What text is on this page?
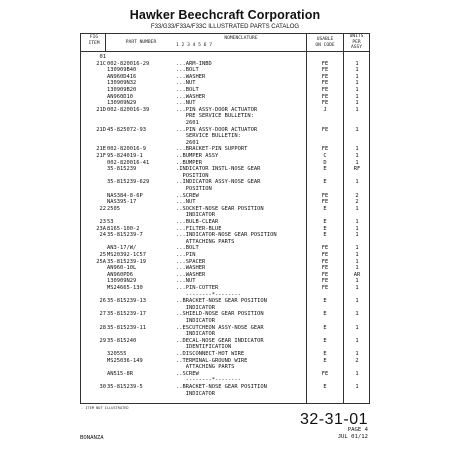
Hawker Beechcraft Corporation
F33/G33/F33A/F33C ILLUSTRATED PARTS CATALOG
FIG
ITEM	PART NUMBER
NOMENCLATURE
1 2 3 4 5 6 7
USABLE
ON CODE
UNITS
PER
ASSY
01
21C 002-820016-29	...ARM-INBD	FE	1
130909B40	...BOLT	FE	1
AN960D416	...WASHER	FE	1
130909N32	...NUT	FE	1
130909B20	...BOLT	FE	1
AN960D10	...WASHER	FE	1
130909N29	...NUT	FE	1
21D 002-820016-39	...PIN ASSY-DOOR ACTUATOR	J	1
PRE SERVICE BULLETIN:
2601
21D 45-825072-93	...PIN ASSY-DOOR ACTUATOR	FE	1
SERVICE BULLETIN:
2601
21E 002-820016-9	...BRACKET-PIN SUPPORT	FE	1
21F 95-824019-1	..BUMPER ASSY	C	1
002-820016-41	..BUMPER	D	1
35-815239	.INDICATOR INSTL-NOSE GEAR	E	RF
POSITION
35-815239-629	..INDICATOR ASSY-NOSE GEAR	E	1
POSITION
NAS384-8-6P	..SCREW	FE	2
NAS395-17	...NUT	FE	2
22 2505	..SOCKET-NOSE GEAR POSITION	E	1
INDICATOR
23 53	...BULB-CLEAR	E	1
23A 8165-100-2	...FILTER-BLUE	E	1
24 35-815239-7	...INDICATOR-NOSE GEAR POSITION	E	1
ATTACHING PARTS
AN3-17/W/	...BOLT	FE	1
25 MS20392-1C57	...PIN	FE	1
25A 35-815239-19	...SPACER	FE	1
AN960-10L	...WASHER	FE	1
AN960PD6	...WASHER	FE	AR
130909N29	...NUT	FE	1
MS24665-130	...PIN-COTTER	FE	1
--------*--------
26 35-815239-13	..BRACKET-NOSE GEAR POSITION	E	1
INDICATOR
27 35-815239-17	..SHIELD-NOSE GEAR POSITION	E	1
INDICATOR
28 35-815239-11	..ESCUTCHEON ASSY-NOSE GEAR	E	1
INDICATOR
29 35-815240	..DECAL-NOSE GEAR INDICATOR	E	1
IDENTIFICATION
320555	..DISCONNECT-HOT WIRE	E	1
MS25036-149	..TERMINAL-GROUND WIRE	E	2
ATTACHING PARTS
AN515-8R	..SCREW	FE	1
--------*--------
30 35-815239-5	..BRACKET-NOSE GEAR POSITION	E	1
INDICATOR
- ITEM NOT ILLUSTRATED
32-31-01
PAGE 4
JUL 01/12
BONANZA
